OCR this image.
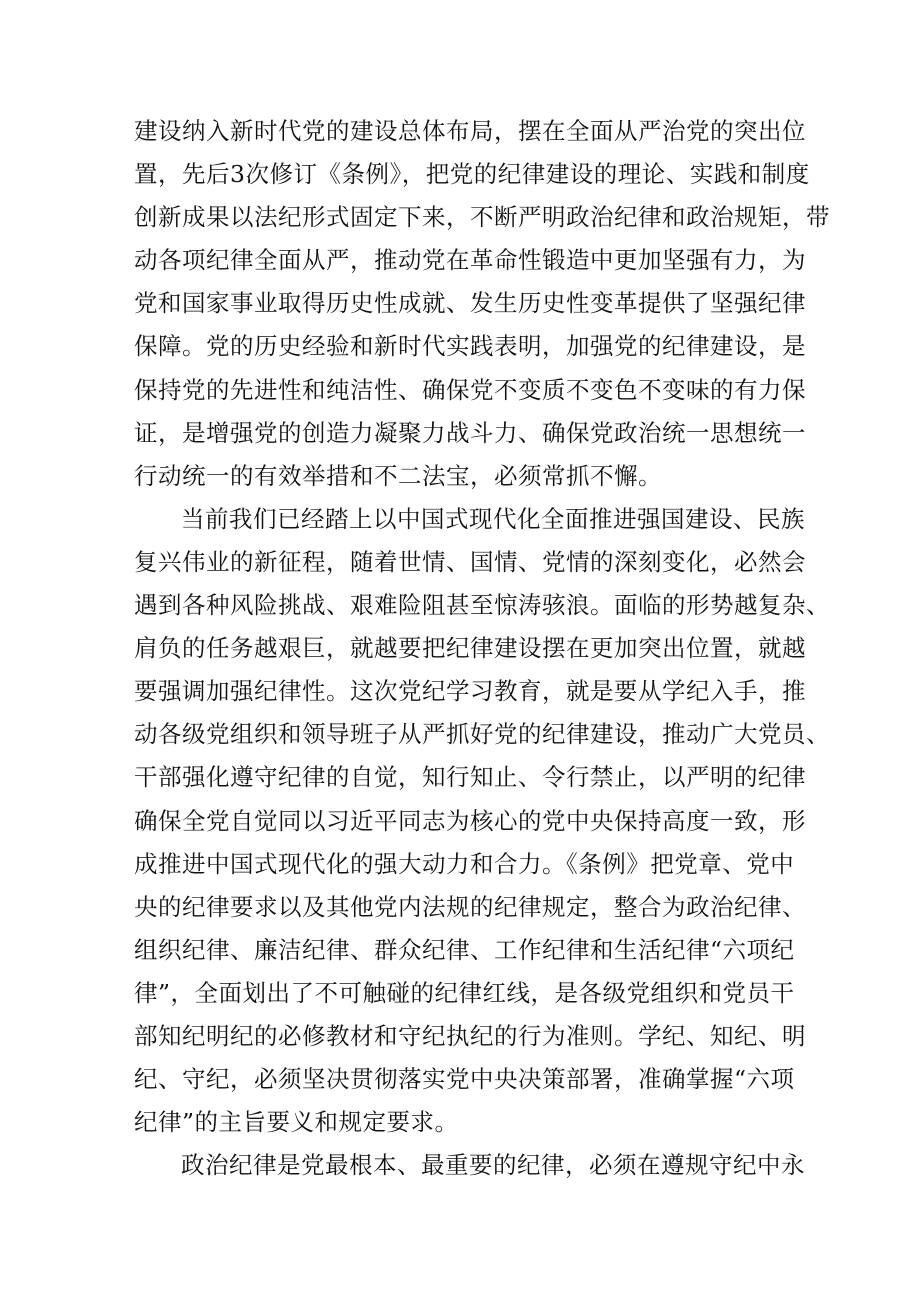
建设纳入新时代党的建设总体布局，摆在全面从严治党的突出位
置，先后3次修订《条例》，把党的纪律建设的理论、实践和制度
创新成果以法纪形式固定下来，不断严明政治纪律和政治规矩，带
动各项纪律全面从严，推动党在革命性锻造中更加坚强有力，为
党和国家事业取得历史性成就、发生历史性变革提供了坚强纪律
保障。党的历史经验和新时代实践表明，加强党的纪律建设，是
保持党的先进性和纯洁性、确保党不变质不变色不变味的有力保
证，是增强党的创造力凝聚力战斗力、确保党政治统一思想统一
行动统一的有效举措和不二法宝，必须常抓不懈。
当前我们已经踏上以中国式现代化全面推进强国建设、民族
复兴伟业的新征程，随着世情、国情、党情的深刻变化，必然会
遇到各种风险挑战、艰难险阻甚至惊涛骇浪。面临的形势越复杂、
肩负的任务越艰巨，就越要把纪律建设摆在更加突出位置，就越
要强调加强纪律性。这次党纪学习教育，就是要从学纪入手，推
动各级党组织和领导班子从严抓好党的纪律建设，推动广大党员、
干部强化遵守纪律的自觉，知行知止、令行禁止，以严明的纪律
确保全党自觉同以习近平同志为核心的党中央保持高度一致，形
成推进中国式现代化的强大动力和合力。《条例》把党章、党中
央的纪律要求以及其他党内法规的纪律规定，整合为政治纪律、
组织纪律、廉洁纪律、群众纪律、工作纪律和生活纪律“六项纪
律”，全面划出了不可触碰的纪律红线，是各级党组织和党员干
部知纪明纪的必修教材和守纪执纪的行为准则。学纪、知纪、明
纪、守纪，必须坚决贯彻落实党中央决策部署，准确掌握“六项
纪律”的主旨要义和规定要求。
政治纪律是党最根本、最重要的纪律，必须在遵规守纪中永
